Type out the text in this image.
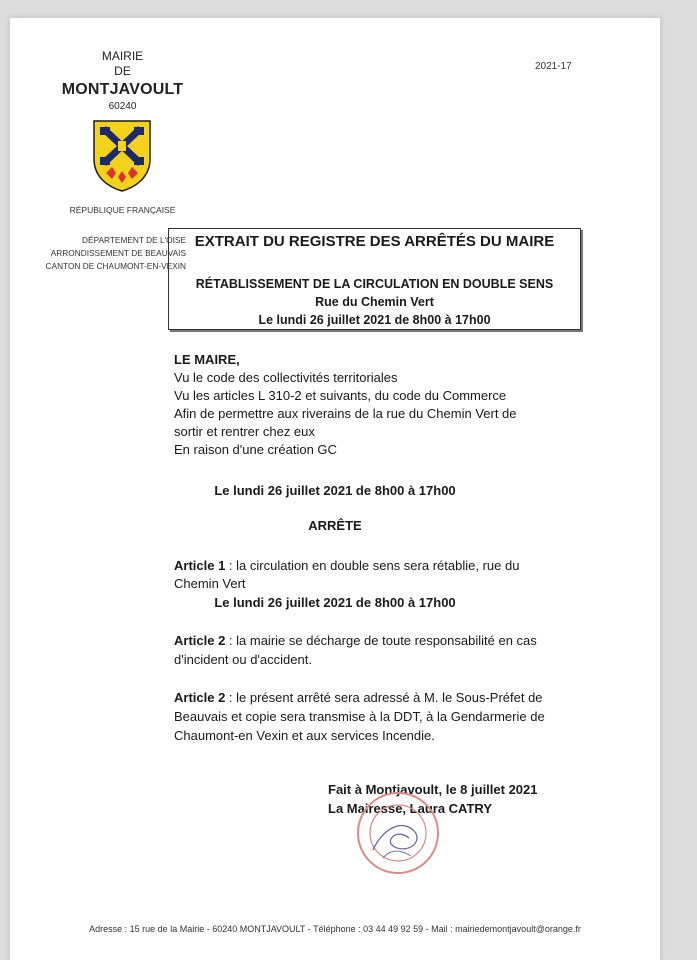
MAIRIE
DE
MONTJAVOULT
60240
2021-17
RÉPUBLIQUE FRANÇAISE
DÉPARTEMENT DE L'OISE
ARRONDISSEMENT DE BEAUVAIS
CANTON DE CHAUMONT-EN-VEXIN
EXTRAIT DU REGISTRE DES ARRÊTÉS DU MAIRE
RÉTABLISSEMENT DE LA CIRCULATION EN DOUBLE SENS
Rue du Chemin Vert
Le lundi 26 juillet 2021 de 8h00 à 17h00
LE MAIRE,
Vu le code des collectivités territoriales
Vu les articles L 310-2 et suivants, du code du Commerce
Afin de permettre aux riverains de la rue du Chemin Vert de
sortir et rentrer chez eux
En raison d'une création GC
Le lundi 26 juillet 2021 de 8h00 à 17h00
ARRÊTE
Article 1 : la circulation en double sens sera rétablie, rue du
Chemin Vert
Le lundi 26 juillet 2021 de 8h00 à 17h00
Article 2 : la mairie se décharge de toute responsabilité en cas
d'incident ou d'accident.
Article 2 : le présent arrêté sera adressé à M. le Sous-Préfet de
Beauvais et copie sera transmise à la DDT, à la Gendarmerie de
Chaumont-en Vexin et aux services Incendie.
Fait à Montjavoult, le 8 juillet 2021
La Mairesse, Laura CATRY
Adresse : 15 rue de la Mairie - 60240 MONTJAVOULT - Téléphone : 03 44 49 92 59 - Mail : mairiedemontjavoult@orange.fr
